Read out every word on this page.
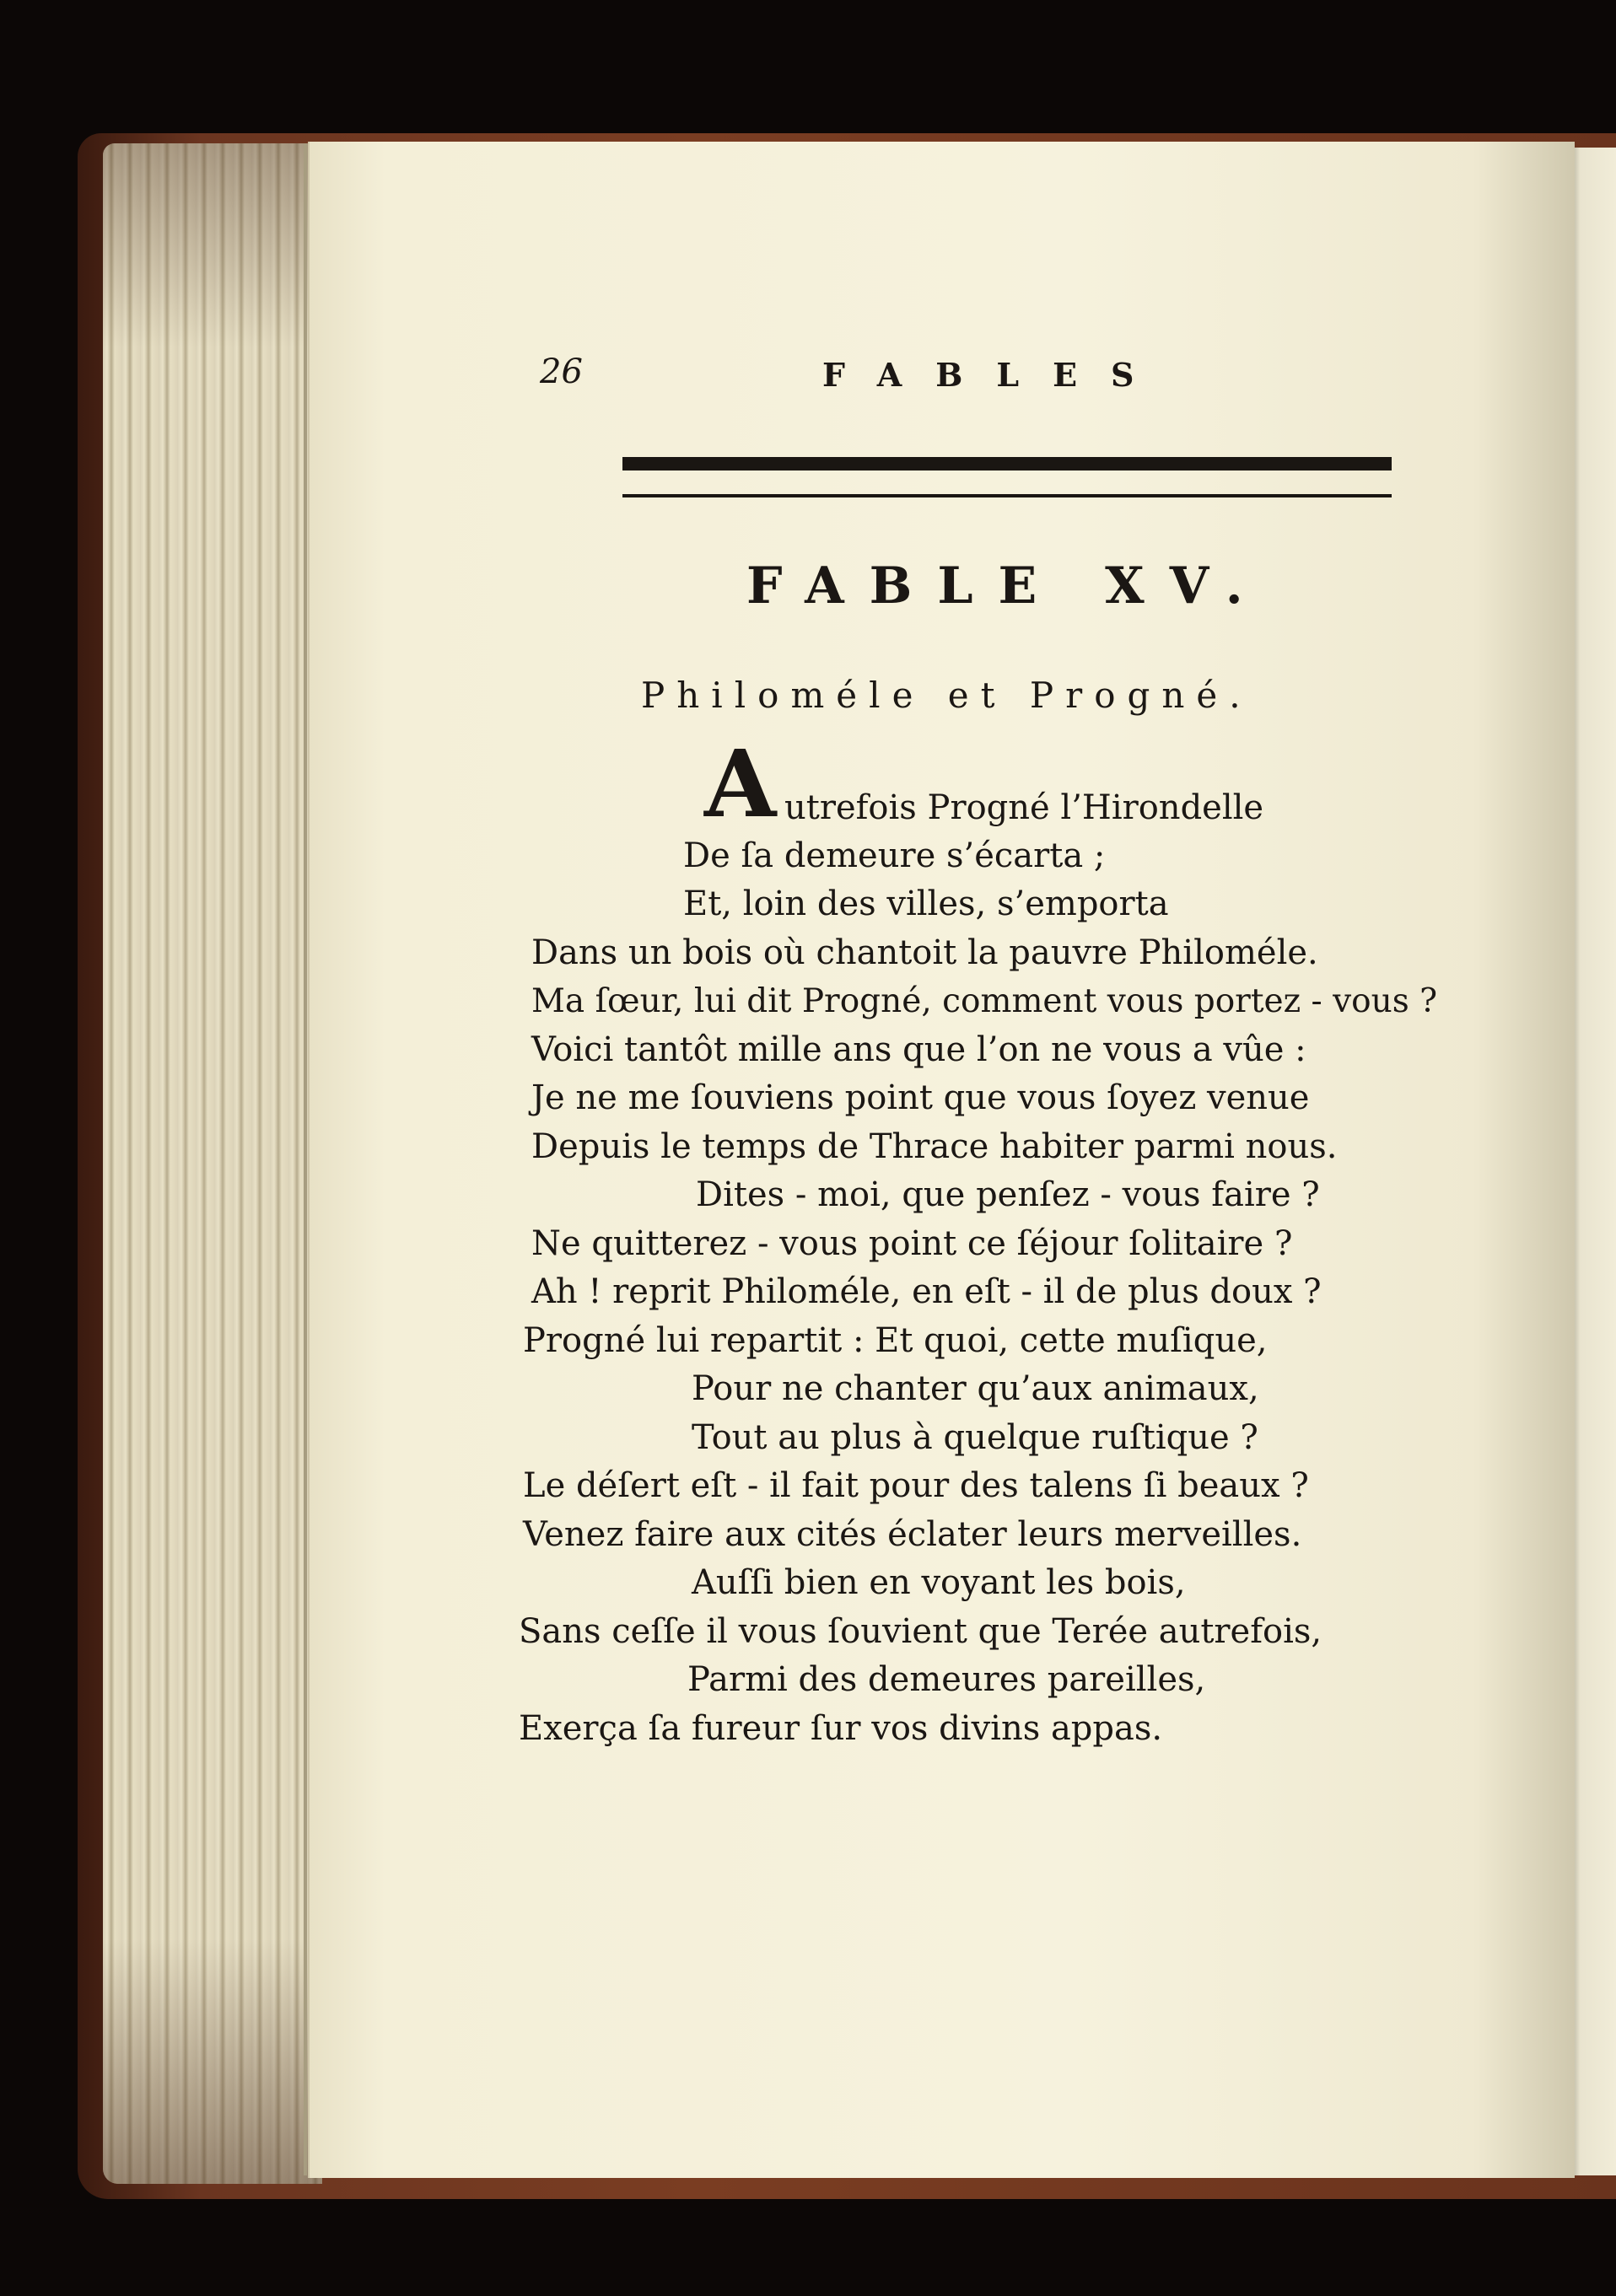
26	FABLES
FABLE XV.
Philoméle et Progné.
A utrefois Progné l’Hirondelle
De ſa demeure s’écarta ;
Et, loin des villes, s’emporta
Dans un bois où chantoit la pauvre Philoméle.
Ma ſœur, lui dit Progné, comment vous portez - vous ?
Voici tantôt mille ans que l’on ne vous a vûe :
Je ne me ſouviens point que vous ſoyez venue
Depuis le temps de Thrace habiter parmi nous.
Dites - moi, que penſez - vous faire ?
Ne quitterez - vous point ce ſéjour ſolitaire ?
Ah ! reprit Philoméle, en eſt - il de plus doux ?
Progné lui repartit : Et quoi, cette muſique,
Pour ne chanter qu’aux animaux,
Tout au plus à quelque ruſtique ?
Le déſert eſt - il fait pour des talens ſi beaux ?
Venez faire aux cités éclater leurs merveilles.
Auſſi bien en voyant les bois,
Sans ceſſe il vous ſouvient que Terée autrefois,
Parmi des demeures pareilles,
Exerça ſa fureur ſur vos divins appas.
